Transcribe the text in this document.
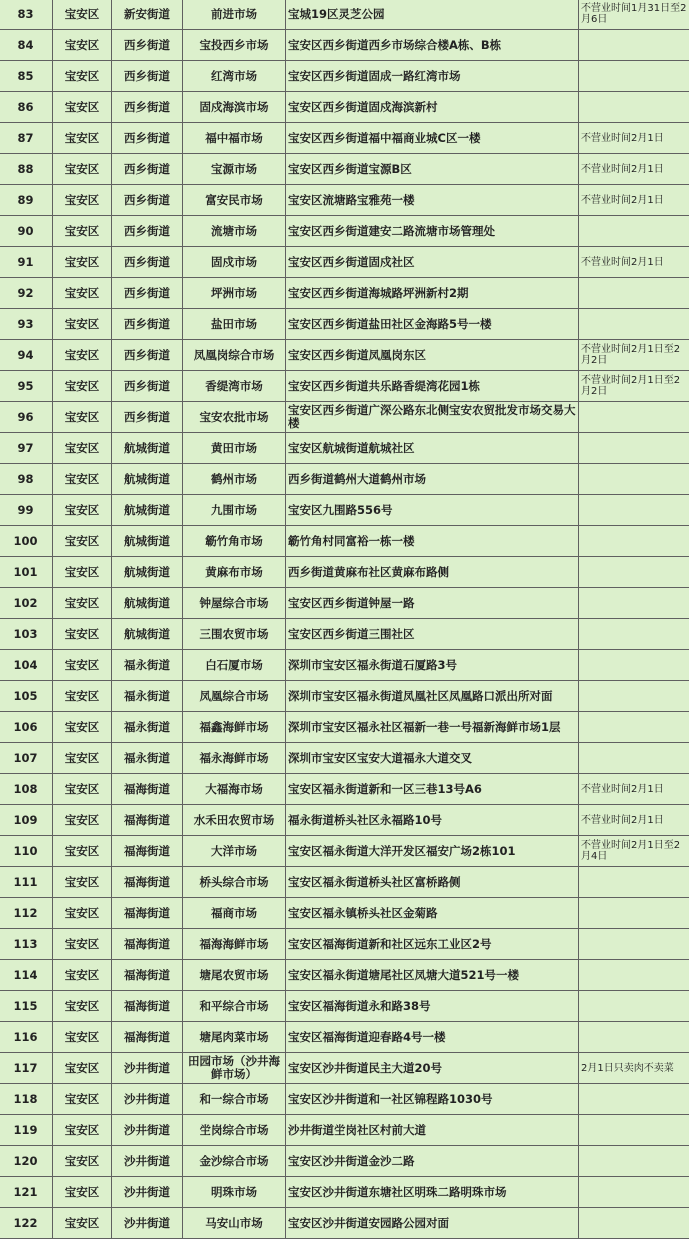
83	宝安区	新安街道	前进市场	宝城19区灵芝公园	不营业时间1月31日至2月6日
84	宝安区	西乡街道	宝投西乡市场	宝安区西乡街道西乡市场综合楼A栋、B栋	
85	宝安区	西乡街道	红湾市场	宝安区西乡街道固成一路红湾市场	
86	宝安区	西乡街道	固戍海滨市场	宝安区西乡街道固戍海滨新村	
87	宝安区	西乡街道	福中福市场	宝安区西乡街道福中福商业城C区一楼	不营业时间2月1日
88	宝安区	西乡街道	宝源市场	宝安区西乡街道宝源B区	不营业时间2月1日
89	宝安区	西乡街道	富安民市场	宝安区流塘路宝雅苑一楼	不营业时间2月1日
90	宝安区	西乡街道	流塘市场	宝安区西乡街道建安二路流塘市场管理处	
91	宝安区	西乡街道	固戍市场	宝安区西乡街道固戍社区	不营业时间2月1日
92	宝安区	西乡街道	坪洲市场	宝安区西乡街道海城路坪洲新村2期	
93	宝安区	西乡街道	盐田市场	宝安区西乡街道盐田社区金海路5号一楼	
94	宝安区	西乡街道	凤凰岗综合市场	宝安区西乡街道凤凰岗东区	不营业时间2月1日至2月2日
95	宝安区	西乡街道	香缇湾市场	宝安区西乡街道共乐路香缇湾花园1栋	不营业时间2月1日至2月2日
96	宝安区	西乡街道	宝安农批市场	宝安区西乡街道广深公路东北侧宝安农贸批发市场交易大楼	
97	宝安区	航城街道	黄田市场	宝安区航城街道航城社区	
98	宝安区	航城街道	鹤州市场	西乡街道鹤州大道鹤州市场	
99	宝安区	航城街道	九围市场	宝安区九围路556号	
100	宝安区	航城街道	簕竹角市场	簕竹角村同富裕一栋一楼	
101	宝安区	航城街道	黄麻布市场	西乡街道黄麻布社区黄麻布路侧	
102	宝安区	航城街道	钟屋综合市场	宝安区西乡街道钟屋一路	
103	宝安区	航城街道	三围农贸市场	宝安区西乡街道三围社区	
104	宝安区	福永街道	白石厦市场	深圳市宝安区福永街道石厦路3号	
105	宝安区	福永街道	凤凰综合市场	深圳市宝安区福永街道凤凰社区凤凰路口派出所对面	
106	宝安区	福永街道	福鑫海鲜市场	深圳市宝安区福永社区福新一巷一号福新海鲜市场1层	
107	宝安区	福永街道	福永海鲜市场	深圳市宝安区宝安大道福永大道交叉	
108	宝安区	福海街道	大福海市场	宝安区福永街道新和一区三巷13号A6	不营业时间2月1日
109	宝安区	福海街道	水禾田农贸市场	福永街道桥头社区永福路10号	不营业时间2月1日
110	宝安区	福海街道	大洋市场	宝安区福永街道大洋开发区福安广场2栋101	不营业时间2月1日至2月4日
111	宝安区	福海街道	桥头综合市场	宝安区福永街道桥头社区富桥路侧	
112	宝安区	福海街道	福商市场	宝安区福永镇桥头社区金菊路	
113	宝安区	福海街道	福海海鲜市场	宝安区福海街道新和社区远东工业区2号	
114	宝安区	福海街道	塘尾农贸市场	宝安区福永街道塘尾社区凤塘大道521号一楼	
115	宝安区	福海街道	和平综合市场	宝安区福海街道永和路38号	
116	宝安区	福海街道	塘尾肉菜市场	宝安区福海街道迎春路4号一楼	
117	宝安区	沙井街道	田园市场（沙井海鲜市场）	宝安区沙井街道民主大道20号	2月1日只卖肉不卖菜
118	宝安区	沙井街道	和一综合市场	宝安区沙井街道和一社区锦程路1030号	
119	宝安区	沙井街道	坣岗综合市场	沙井街道坣岗社区村前大道	
120	宝安区	沙井街道	金沙综合市场	宝安区沙井街道金沙二路	
121	宝安区	沙井街道	明珠市场	宝安区沙井街道东塘社区明珠二路明珠市场	
122	宝安区	沙井街道	马安山市场	宝安区沙井街道安园路公园对面	
